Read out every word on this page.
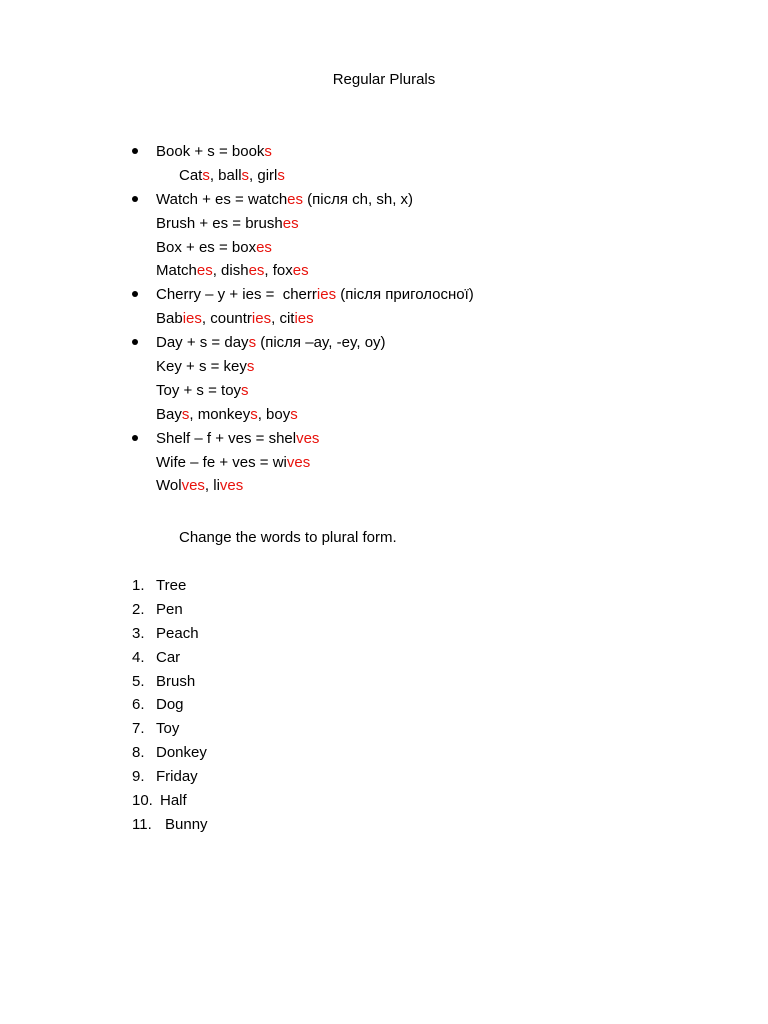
Regular Plurals
Book + s = books
Cats, balls, girls
Watch + es = watches (після ch, sh, x)
Brush + es = brushes
Box + es = boxes
Matches, dishes, foxes
Cherry – y + ies =  cherries (після приголосної)
Babies, countries, cities
Day + s = days (після –ay, -ey, oy)
Key + s = keys
Toy + s = toys
Bays, monkeys, boys
Shelf – f + ves = shelves
Wife – fe + ves = wives
Wolves, lives
Change the words to plural form.
1. Tree
2. Pen
3. Peach
4. Car
5. Brush
6. Dog
7. Toy
8. Donkey
9. Friday
10. Half
11. Bunny
